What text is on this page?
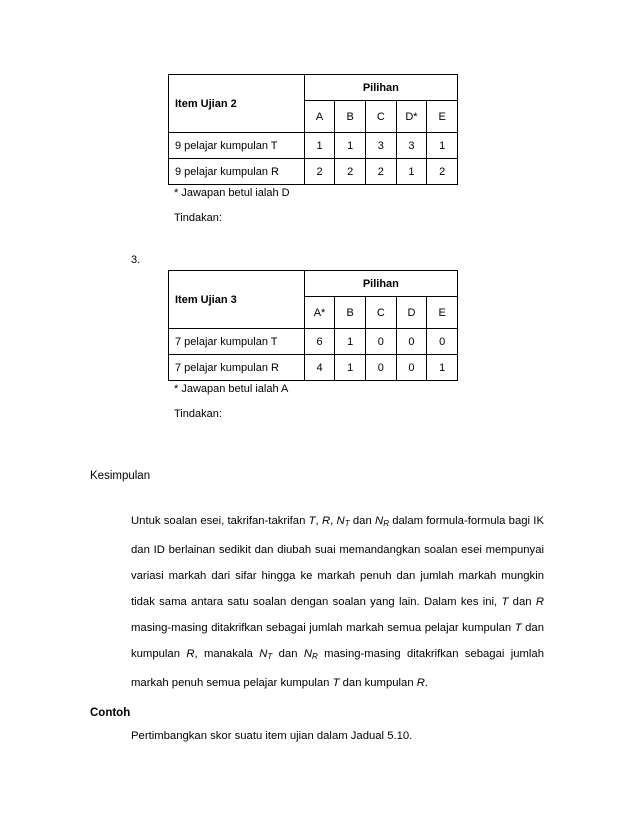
Item Ujian 2	Pilihan				
	A	B	C	D*	E
9 pelajar kumpulan T	1	1	3	3	1
9 pelajar kumpulan R	2	2	2	1	2
* Jawapan betul ialah D
Tindakan:
3.
Item Ujian 3	Pilihan				
	A*	B	C	D	E
7 pelajar kumpulan T	6	1	0	0	0
7 pelajar kumpulan R	4	1	0	0	1
* Jawapan betul ialah A
Tindakan:
Kesimpulan
Untuk soalan esei, takrifan-takrifan T, R, $N_T$ dan $N_R$ dalam formula-formula bagi IK dan ID berlainan sedikit dan diubah suai memandangkan soalan esei mempunyai variasi markah dari sifar hingga ke markah penuh dan jumlah markah mungkin tidak sama antara satu soalan dengan soalan yang lain. Dalam kes ini, T dan R masing-masing ditakrifkan sebagai jumlah markah semua pelajar kumpulan T dan kumpulan R, manakala $N_T$ dan $N_R$ masing-masing ditakrifkan sebagai jumlah markah penuh semua pelajar kumpulan T dan kumpulan R.
Contoh
Pertimbangkan skor suatu item ujian dalam Jadual 5.10.
